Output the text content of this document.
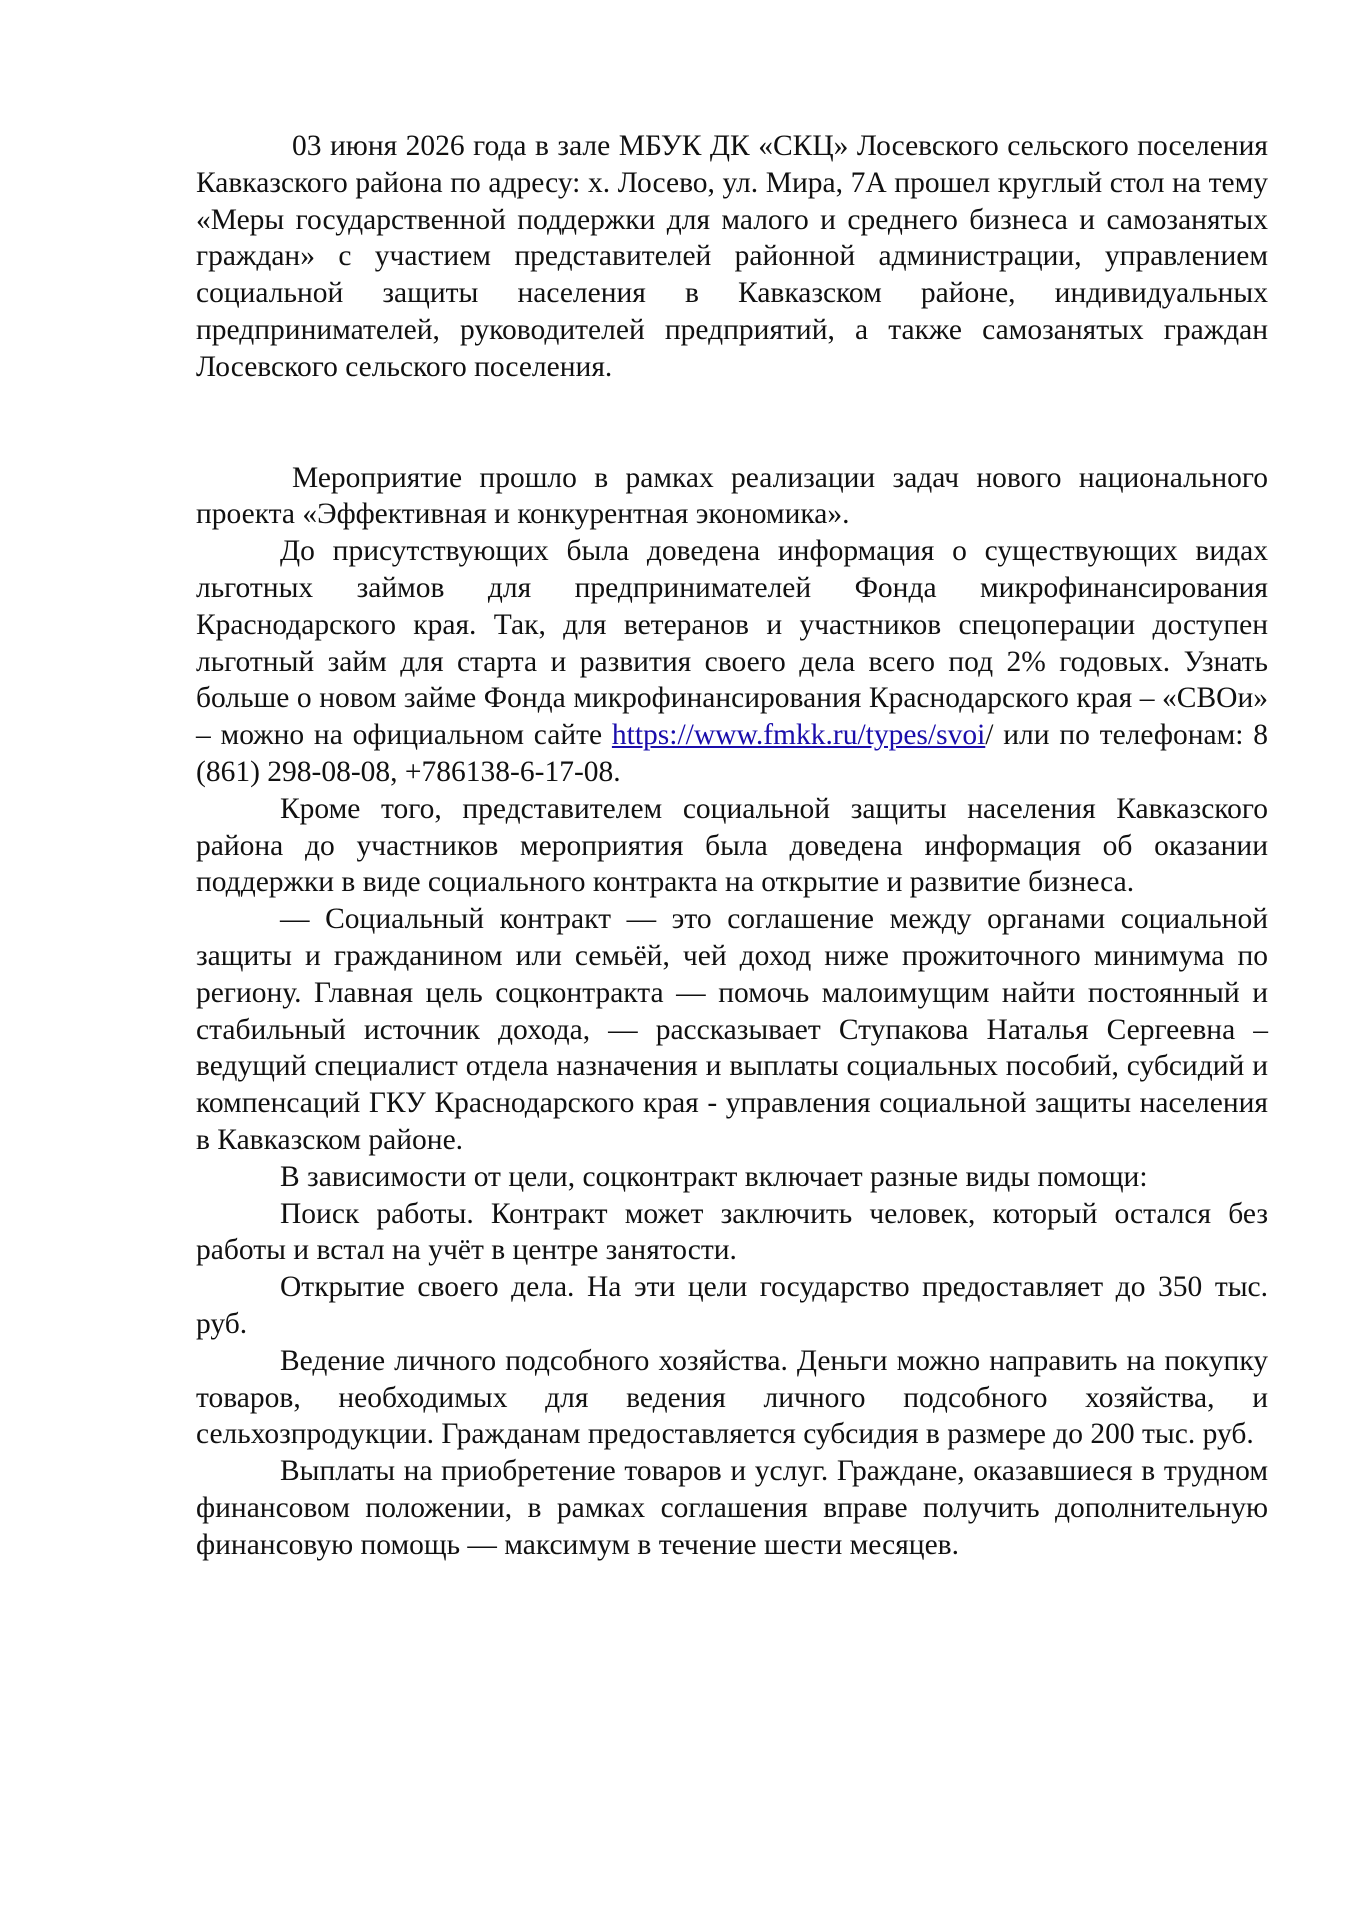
03 июня 2026 года в зале МБУК ДК «СКЦ» Лосевского сельского поселения Кавказского района по адресу: х. Лосево, ул. Мира, 7А прошел круглый стол на тему «Меры государственной поддержки для малого и среднего бизнеса и самозанятых граждан» с участием представителей районной администрации, управлением социальной защиты населения в Кавказском районе, индивидуальных предпринимателей, руководителей предприятий, а также самозанятых граждан Лосевского сельского поселения.

Мероприятие прошло в рамках реализации задач нового национального проекта «Эффективная и конкурентная экономика».

До присутствующих была доведена информация о существующих видах льготных займов для предпринимателей Фонда микрофинансирования Краснодарского края. Так, для ветеранов и участников спецоперации доступен льготный займ для старта и развития своего дела всего под 2% годовых. Узнать больше о новом займе Фонда микрофинансирования Краснодарского края – «СВОи» – можно на официальном сайте https://www.fmkk.ru/types/svoi/ или по телефонам: 8 (861) 298-08-08, +786138-6-17-08.

Кроме того, представителем социальной защиты населения Кавказского района до участников мероприятия была доведена информация об оказании поддержки в виде социального контракта на открытие и развитие бизнеса.

— Социальный контракт — это соглашение между органами социальной защиты и гражданином или семьёй, чей доход ниже прожиточного минимума по региону. Главная цель соцконтракта — помочь малоимущим найти постоянный и стабильный источник дохода, — рассказывает Ступакова Наталья Сергеевна – ведущий специалист отдела назначения и выплаты социальных пособий, субсидий и компенсаций ГКУ Краснодарского края - управления социальной защиты населения в Кавказском районе.

В зависимости от цели, соцконтракт включает разные виды помощи:

Поиск работы. Контракт может заключить человек, который остался без работы и встал на учёт в центре занятости.

Открытие своего дела. На эти цели государство предоставляет до 350 тыс. руб.

Ведение личного подсобного хозяйства. Деньги можно направить на покупку товаров, необходимых для ведения личного подсобного хозяйства, и сельхозпродукции. Гражданам предоставляется субсидия в размере до 200 тыс. руб.

Выплаты на приобретение товаров и услуг. Граждане, оказавшиеся в трудном финансовом положении, в рамках соглашения вправе получить дополнительную финансовую помощь — максимум в течение шести месяцев.
